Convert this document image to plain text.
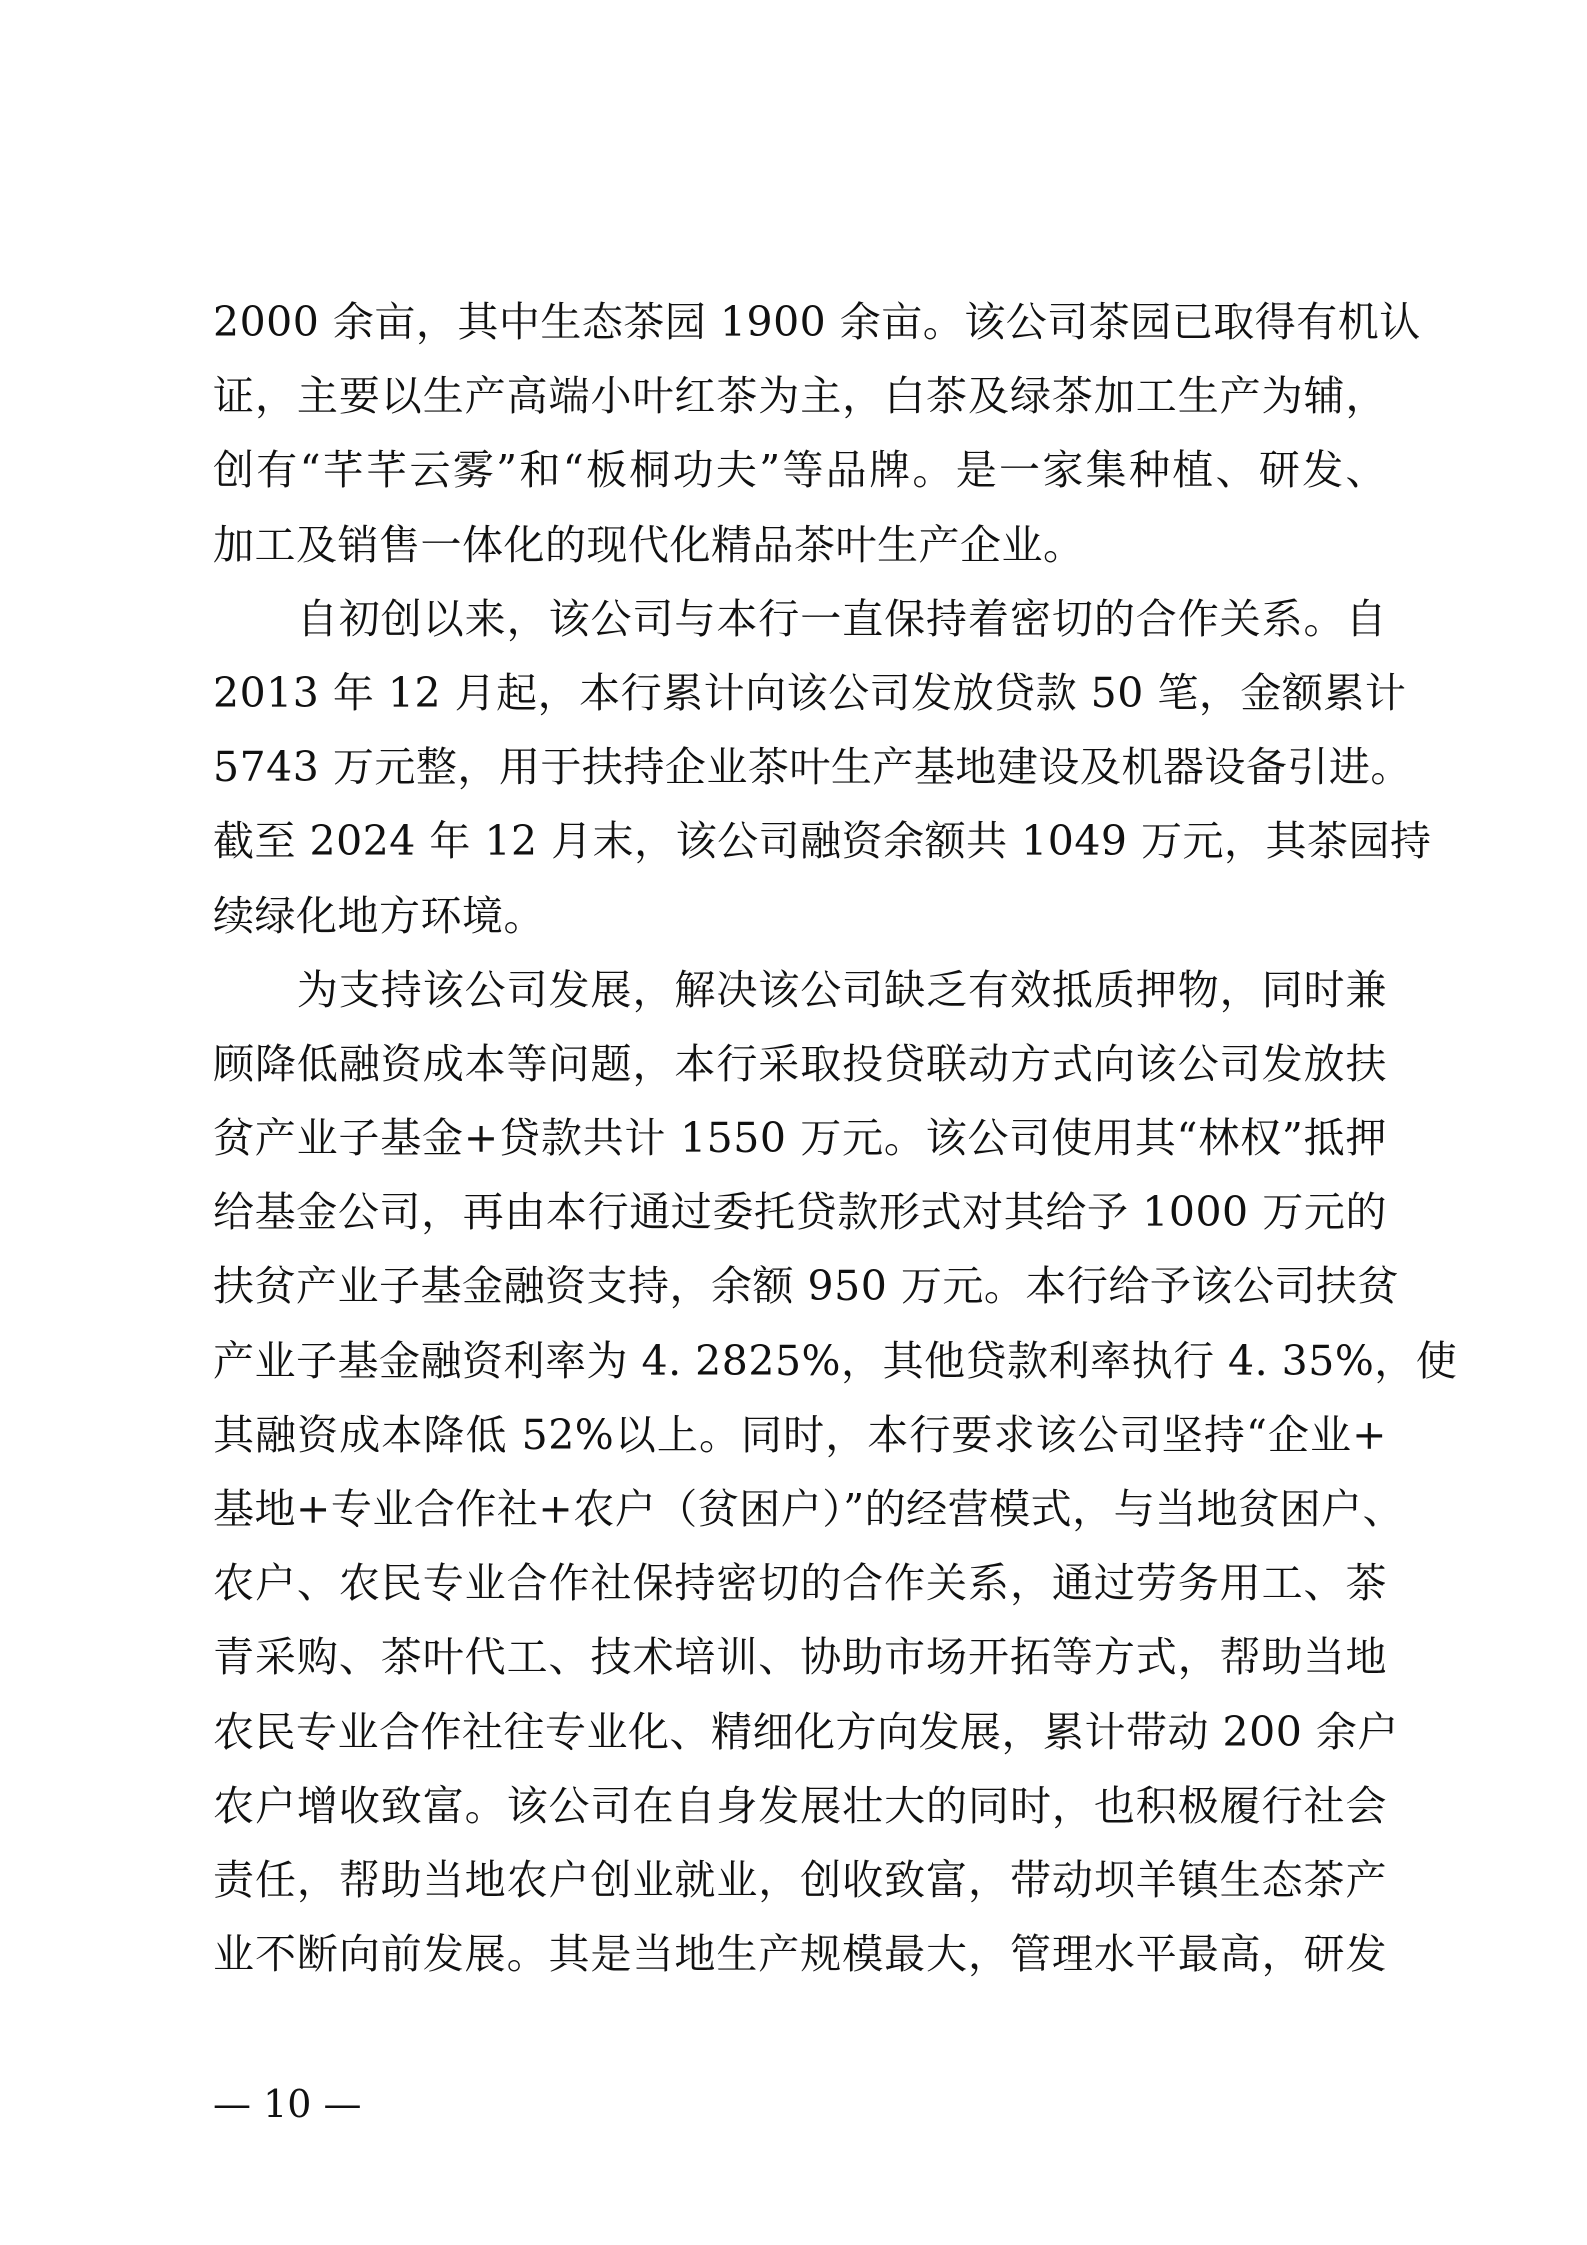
2000 余亩，其中生态茶园 1900 余亩。该公司茶园已取得有机认
证，主要以生产高端小叶红茶为主，白茶及绿茶加工生产为辅，
创有“芊芊云雾”和“板桐功夫”等品牌。是一家集种植、研发、
加工及销售一体化的现代化精品茶叶生产企业。
　　自初创以来，该公司与本行一直保持着密切的合作关系。自
2013 年 12 月起，本行累计向该公司发放贷款 50 笔，金额累计
5743 万元整，用于扶持企业茶叶生产基地建设及机器设备引进。
截至 2024 年 12 月末，该公司融资余额共 1049 万元，其茶园持
续绿化地方环境。
　　为支持该公司发展，解决该公司缺乏有效抵质押物，同时兼
顾降低融资成本等问题，本行采取投贷联动方式向该公司发放扶
贫产业子基金+贷款共计 1550 万元。该公司使用其“林权”抵押
给基金公司，再由本行通过委托贷款形式对其给予 1000 万元的
扶贫产业子基金融资支持，余额 950 万元。本行给予该公司扶贫
产业子基金融资利率为 4. 2825%，其他贷款利率执行 4. 35%，使
其融资成本降低 52%以上。同时，本行要求该公司坚持“企业+
基地+专业合作社+农户（贫困户）”的经营模式，与当地贫困户、
农户、农民专业合作社保持密切的合作关系，通过劳务用工、茶
青采购、茶叶代工、技术培训、协助市场开拓等方式，帮助当地
农民专业合作社往专业化、精细化方向发展，累计带动 200 余户
农户增收致富。该公司在自身发展壮大的同时，也积极履行社会
责任，帮助当地农户创业就业，创收致富，带动坝羊镇生态茶产
业不断向前发展。其是当地生产规模最大，管理水平最高，研发
— 10 —
